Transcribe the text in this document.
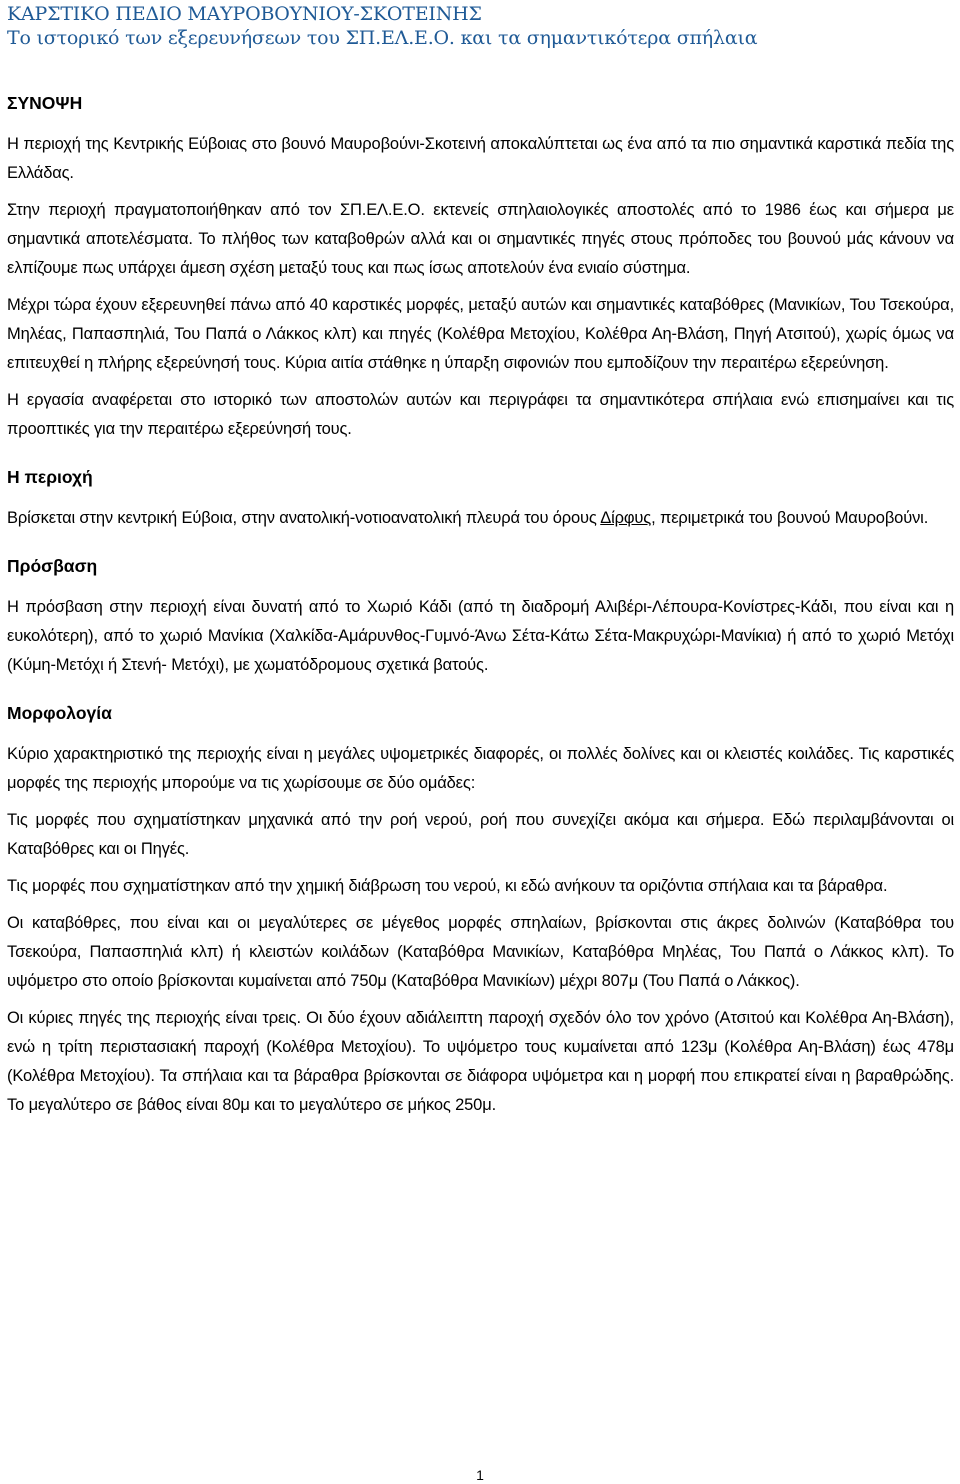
ΚΑΡΣΤΙΚΟ ΠΕΔΙΟ ΜΑΥΡΟΒΟΥΝΙΟΥ-ΣΚΟΤΕΙΝΗΣ
Το ιστορικό των εξερευνήσεων του ΣΠ.ΕΛ.Ε.Ο. και τα σημαντικότερα σπήλαια
ΣΥΝΟΨΗ
Η περιοχή της Κεντρικής Εύβοιας στο βουνό Μαυροβούνι-Σκοτεινή αποκαλύπτεται ως ένα από τα πιο σημαντικά καρστικά πεδία της Ελλάδας.
Στην περιοχή πραγματοποιήθηκαν από τον ΣΠ.ΕΛ.Ε.Ο. εκτενείς σπηλαιολογικές αποστολές από το 1986 έως και σήμερα με σημαντικά αποτελέσματα. Το πλήθος των καταβοθρών αλλά και οι σημαντικές πηγές στους πρόποδες του βουνού μάς κάνουν να ελπίζουμε πως υπάρχει άμεση σχέση μεταξύ τους και πως ίσως αποτελούν ένα ενιαίο σύστημα.
Μέχρι τώρα έχουν εξερευνηθεί πάνω από 40 καρστικές μορφές, μεταξύ αυτών και σημαντικές καταβόθρες (Μανικίων, Του Τσεκούρα, Μηλέας, Παπασπηλιά, Του Παπά ο Λάκκος κλπ) και πηγές (Κολέθρα Μετοχίου, Κολέθρα Αη-Βλάση, Πηγή Ατσιτού), χωρίς όμως να επιτευχθεί η πλήρης εξερεύνησή τους. Κύρια αιτία στάθηκε η ύπαρξη σιφονιών που εμποδίζουν την περαιτέρω εξερεύνηση.
Η εργασία αναφέρεται στο ιστορικό των αποστολών αυτών και περιγράφει τα σημαντικότερα σπήλαια ενώ επισημαίνει και τις προοπτικές για την περαιτέρω εξερεύνησή τους.
Η περιοχή
Βρίσκεται στην κεντρική Εύβοια, στην ανατολική-νοτιοανατολική πλευρά του όρους Δίρφυς, περιμετρικά του βουνού Μαυροβούνι.
Πρόσβαση
Η πρόσβαση στην περιοχή είναι δυνατή από το Χωριό Κάδι (από τη διαδρομή Αλιβέρι-Λέπουρα-Κονίστρες-Κάδι, που είναι και η ευκολότερη), από το χωριό Μανίκια (Χαλκίδα-Αμάρυνθος-Γυμνό-Άνω Σέτα-Κάτω Σέτα-Μακρυχώρι-Μανίκια) ή από το χωριό Μετόχι (Κύμη-Μετόχι ή Στενή- Μετόχι), με χωματόδρομους σχετικά βατούς.
Μορφολογία
Κύριο χαρακτηριστικό της περιοχής είναι η μεγάλες υψομετρικές διαφορές, οι πολλές δολίνες και οι κλειστές κοιλάδες. Τις καρστικές μορφές της περιοχής μπορούμε να τις χωρίσουμε σε δύο ομάδες:
Τις μορφές που σχηματίστηκαν μηχανικά από την ροή νερού, ροή που συνεχίζει ακόμα και σήμερα. Εδώ περιλαμβάνονται οι Καταβόθρες και οι Πηγές.
Τις μορφές που σχηματίστηκαν από την χημική διάβρωση του νερού, κι εδώ ανήκουν τα οριζόντια σπήλαια και τα βάραθρα.
Οι καταβόθρες, που είναι και οι μεγαλύτερες σε μέγεθος μορφές σπηλαίων, βρίσκονται στις άκρες δολινών (Καταβόθρα του Τσεκούρα, Παπασπηλιά κλπ) ή κλειστών κοιλάδων (Καταβόθρα Μανικίων, Καταβόθρα Μηλέας, Του Παπά ο Λάκκος κλπ). Το υψόμετρο στο οποίο βρίσκονται κυμαίνεται από 750μ (Καταβόθρα Μανικίων) μέχρι 807μ (Του Παπά ο Λάκκος).
Οι κύριες πηγές της περιοχής είναι τρεις. Οι δύο έχουν αδιάλειπτη παροχή σχεδόν όλο τον χρόνο (Ατσιτού και Κολέθρα Αη-Βλάση), ενώ η τρίτη περιστασιακή παροχή (Κολέθρα Μετοχίου). Το υψόμετρο τους κυμαίνεται από 123μ (Κολέθρα Αη-Βλάση) έως 478μ (Κολέθρα Μετοχίου). Τα σπήλαια και τα βάραθρα βρίσκονται σε διάφορα υψόμετρα και η μορφή που επικρατεί είναι η βαραθρώδης. Το μεγαλύτερο σε βάθος είναι 80μ και το μεγαλύτερο σε μήκος 250μ.
1
